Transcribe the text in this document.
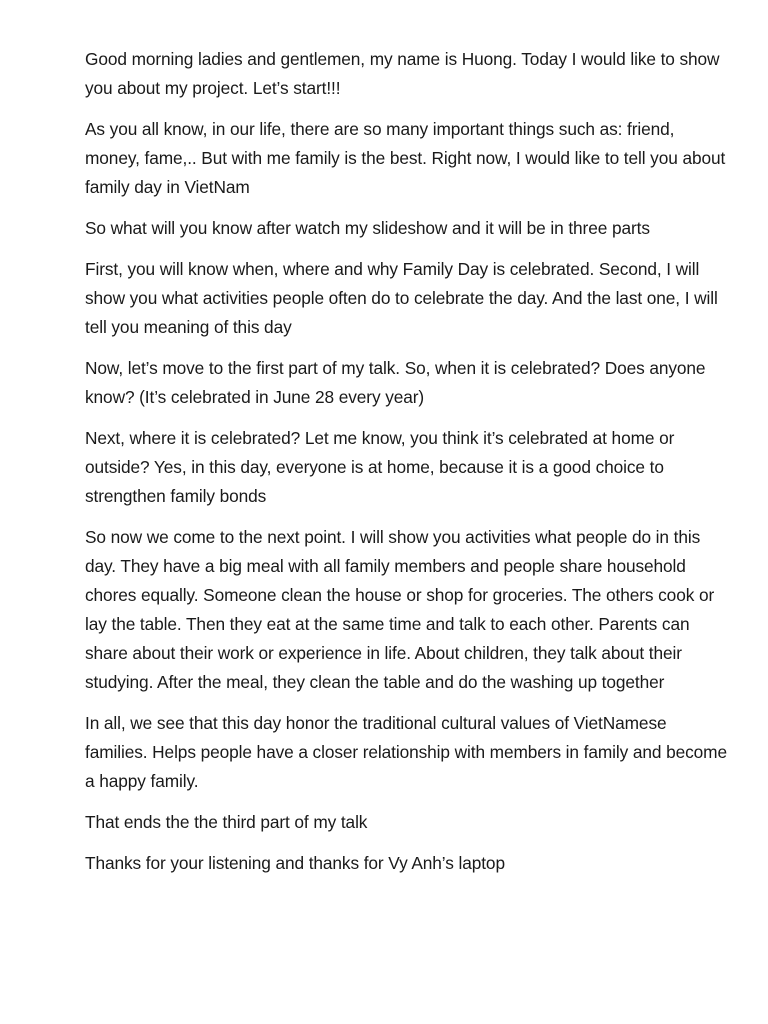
Good morning ladies and gentlemen, my name is Huong. Today I would like to show you about my project. Let’s start!!!

As you all know, in our life, there are so many important things such as: friend, money, fame,.. But with me family is the best. Right now, I would like to tell you about family day in VietNam

So what will you know after watch my slideshow and it will be in three parts

First, you will know when, where and why Family Day is celebrated. Second, I will show you what activities people often do to celebrate the day. And the last one, I will tell you meaning of this day

Now, let’s move to the first part of my talk. So, when it is celebrated? Does anyone know? (It’s celebrated in June 28 every year)

Next, where it is celebrated? Let me know, you think it’s celebrated at home or outside? Yes, in this day, everyone is at home, because it is a good choice to strengthen family bonds

So now we come to the next point. I will show you activities what people do in this day. They have a big meal with all family members and people share household chores equally. Someone clean the house or shop for groceries. The others cook or lay the table. Then they eat at the same time and talk to each other. Parents can share about their work or experience in life. About children, they talk about their studying. After the meal, they clean the table and do the washing up together

In all, we see that this day honor the traditional cultural values of VietNamese families. Helps people have a closer relationship with members in family and become a happy family.

That ends the the third part of my talk

Thanks for your listening and thanks for Vy Anh’s laptop
